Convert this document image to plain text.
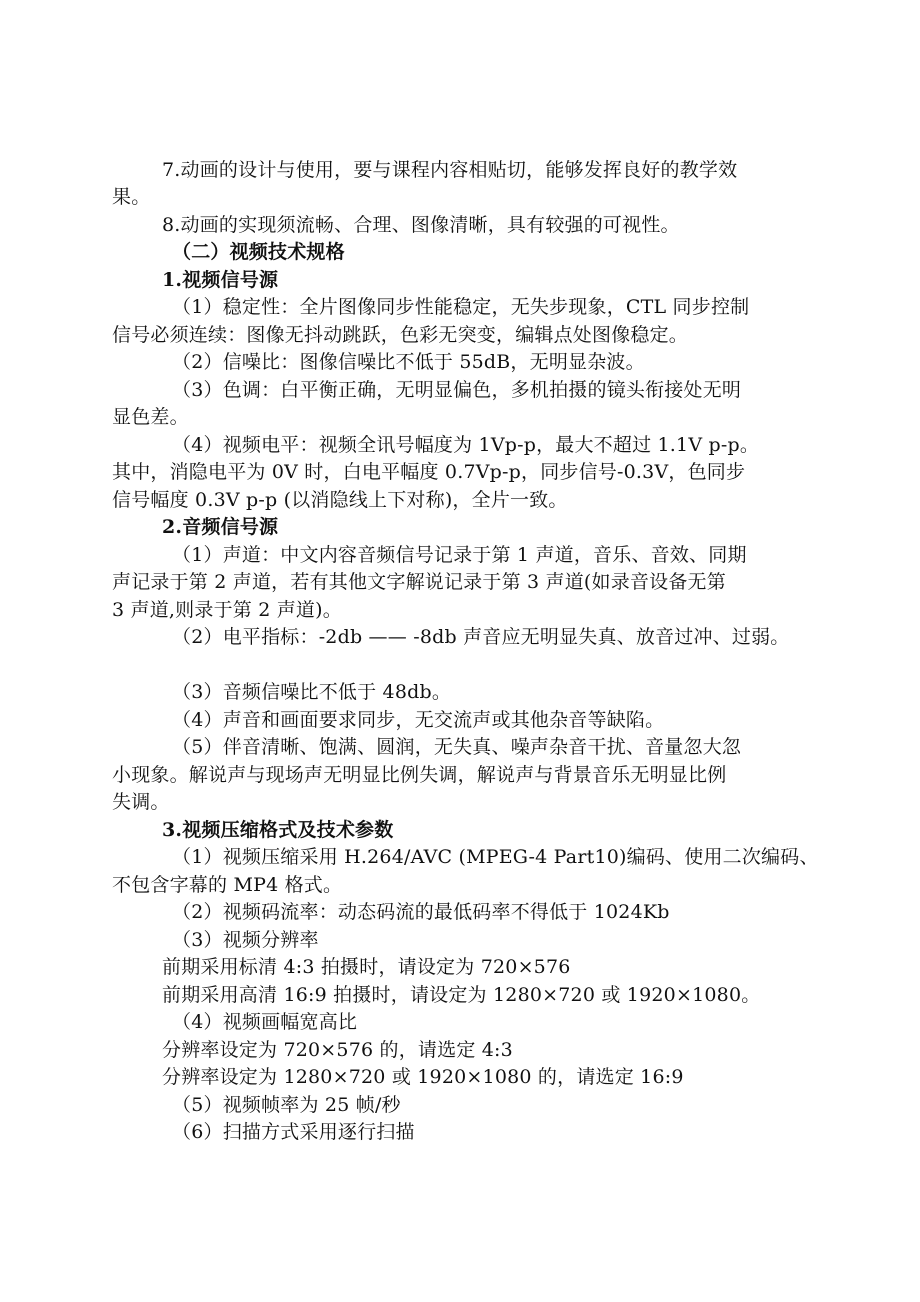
7.动画的设计与使用，要与课程内容相贴切，能够发挥良好的教学效
果。
8.动画的实现须流畅、合理、图像清晰，具有较强的可视性。
（二）视频技术规格
1.视频信号源
（1）稳定性：全片图像同步性能稳定，无失步现象，CTL 同步控制
信号必须连续：图像无抖动跳跃，色彩无突变，编辑点处图像稳定。
（2）信噪比：图像信噪比不低于 55dB，无明显杂波。
（3）色调：白平衡正确，无明显偏色，多机拍摄的镜头衔接处无明
显色差。
（4）视频电平：视频全讯号幅度为 1Ⅴp-p，最大不超过 1.1Ⅴ p-p。
其中，消隐电平为 0V 时，白电平幅度 0.7Ⅴp-p，同步信号-0.3V，色同步
信号幅度 0.3V p-p (以消隐线上下对称)，全片一致。
2.音频信号源
（1）声道：中文内容音频信号记录于第 1 声道，音乐、音效、同期
声记录于第 2 声道，若有其他文字解说记录于第 3 声道(如录音设备无第
3 声道,则录于第 2 声道)。
（2）电平指标：-2db —— -8db 声音应无明显失真、放音过冲、过弱。
（3）音频信噪比不低于 48db。
（4）声音和画面要求同步，无交流声或其他杂音等缺陷。
（5）伴音清晰、饱满、圆润，无失真、噪声杂音干扰、音量忽大忽
小现象。解说声与现场声无明显比例失调，解说声与背景音乐无明显比例
失调。
3.视频压缩格式及技术参数
（1）视频压缩采用 H.264/AVC (MPEG-4 Part10)编码、使用二次编码、
不包含字幕的 MP4 格式。
（2）视频码流率：动态码流的最低码率不得低于 1024Kb
（3）视频分辨率
前期采用标清 4:3 拍摄时，请设定为 720×576
前期采用高清 16:9 拍摄时，请设定为 1280×720 或 1920×1080。
（4）视频画幅宽高比
分辨率设定为 720×576 的，请选定 4:3
分辨率设定为 1280×720 或 1920×1080 的，请选定 16:9
（5）视频帧率为 25 帧/秒
（6）扫描方式采用逐行扫描
